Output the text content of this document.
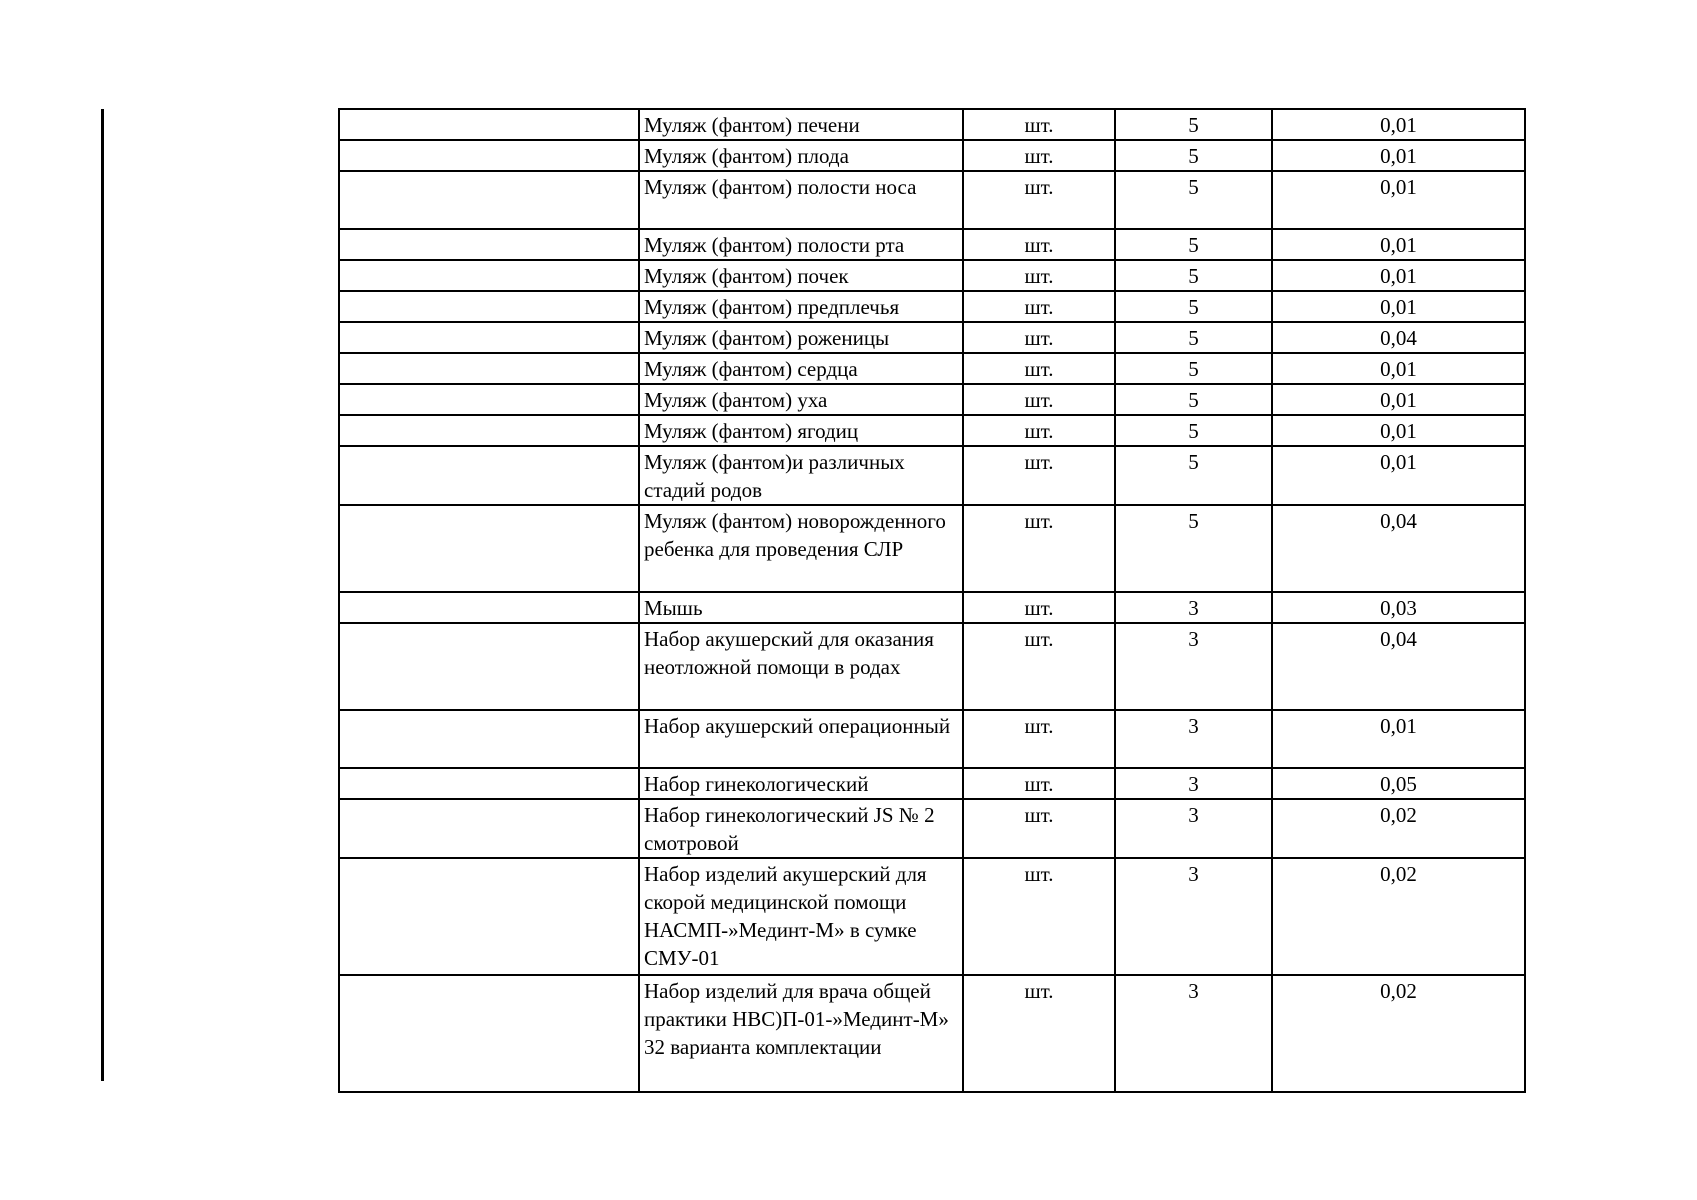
	Муляж (фантом) печени	шт.	5	0,01
	Муляж (фантом) плода	шт.	5	0,01
	Муляж (фантом) полости носа	шт.	5	0,01
	Муляж (фантом) полости рта	шт.	5	0,01
	Муляж (фантом) почек	шт.	5	0,01
	Муляж (фантом) предплечья	шт.	5	0,01
	Муляж (фантом) роженицы	шт.	5	0,04
	Муляж (фантом) сердца	шт.	5	0,01
	Муляж (фантом) уха	шт.	5	0,01
	Муляж (фантом) ягодиц	шт.	5	0,01
	Муляж (фантом)и различных стадий родов	шт.	5	0,01
	Муляж (фантом) новорожденного ребенка для проведения СЛР	шт.	5	0,04
	Мышь	шт.	3	0,03
	Набор акушерский для оказания неотложной помощи в родах	шт.	3	0,04
	Набор акушерский операционный	шт.	3	0,01
	Набор гинекологический	шт.	3	0,05
	Набор гинекологический JS № 2 смотровой	шт.	3	0,02
	Набор изделий акушерский для скорой медицинской помощи НАСМП-»Мединт-М» в сумке СМУ-01	шт.	3	0,02
	Набор изделий для врача общей практики НВС)П-01-»Мединт-М» 32 варианта комплектации	шт.	3	0,02
